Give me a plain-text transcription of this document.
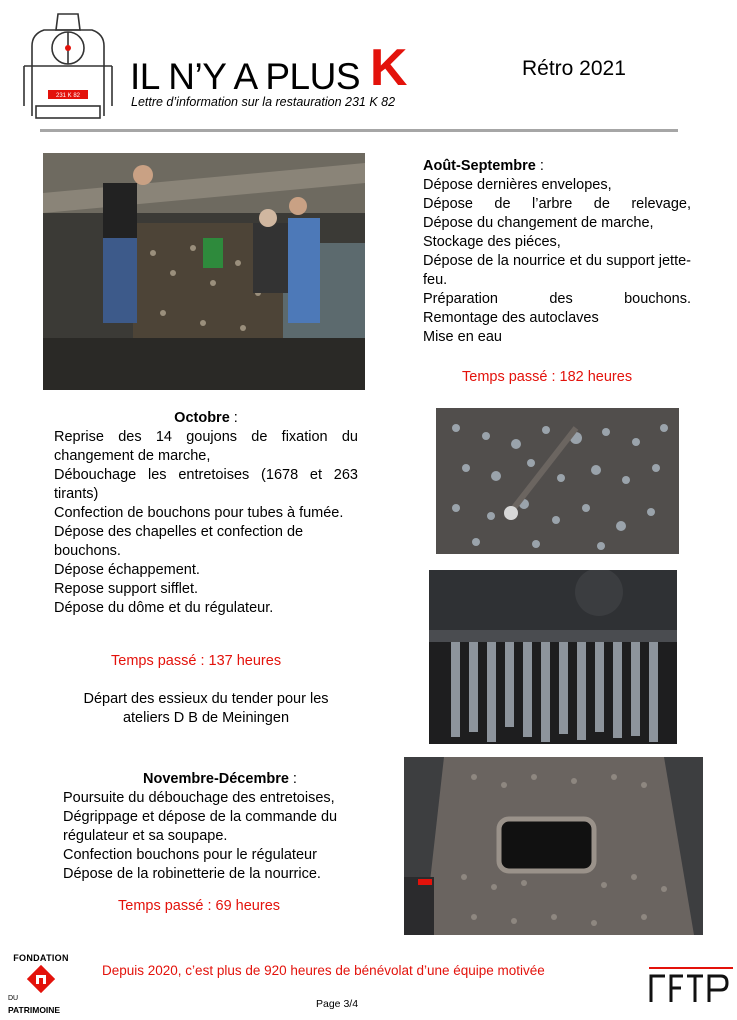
231 K 82 IL N’Y A PLUS K	Rétro 2021
Lettre d’information sur la restauration 231 K 82

Août-Septembre :

Dépose dernières envelopes,

Dépose de l’arbre de relevage,

Dépose du changement de marche,

Stockage des piéces,

Dépose de la nourrice et du support jette-feu.

Préparation des bouchons.

Remontage des autoclaves

Mise en eau

Temps passé : 182 heures

Octobre :

Reprise des 14 goujons de fixation du changement de marche,

Débouchage les entretoises (1678 et 263 tirants)

Confection de bouchons pour tubes à fumée.

Dépose des chapelles et confection de bouchons.

Dépose échappement.

Repose support sifflet.

Dépose du dôme et du régulateur.

Temps passé : 137 heures
Départ des essieux du tender pour les ateliers D B de Meiningen

Novembre-Décembre :

Poursuite du débouchage des entretoises, Dégrippage et dépose de la commande du régulateur et sa soupape.

Confection bouchons pour le régulateur

Dépose de la robinetterie de la nourrice.

Temps passé : 69 heures
FONDATION
DU
PATRIMOINE
Depuis 2020, c’est plus de 920 heures de bénévolat d’une équipe motivée
Page 3/4
